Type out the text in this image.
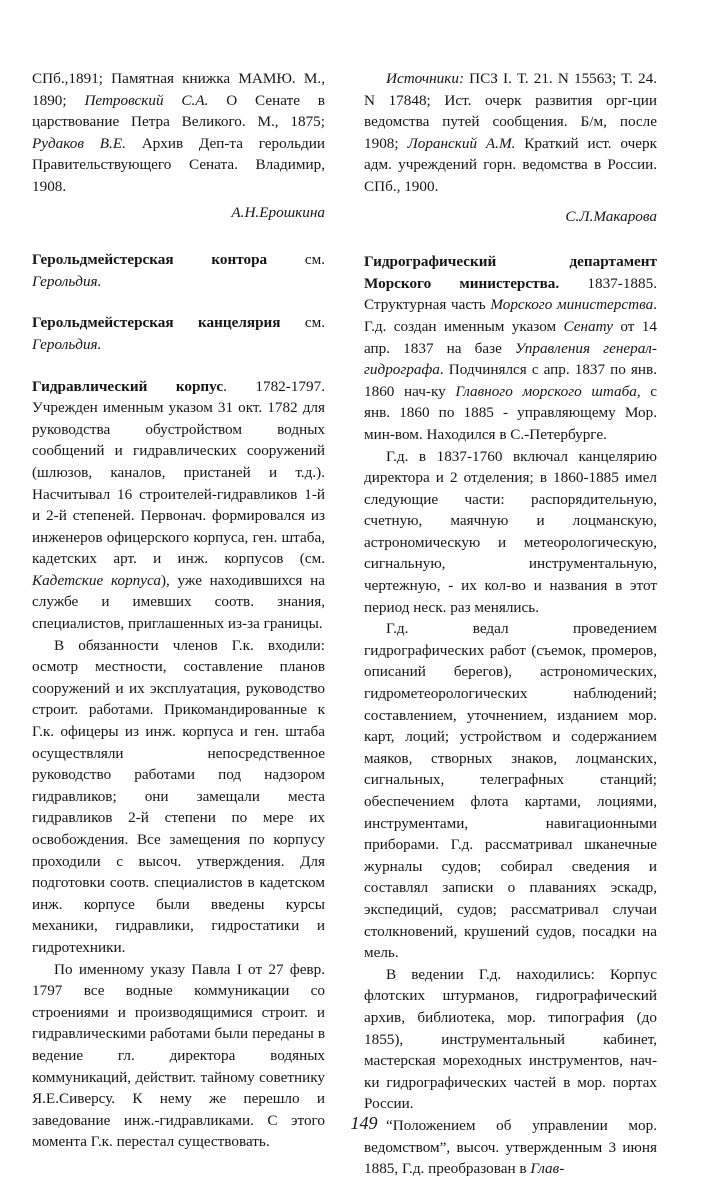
СПб.,1891; Памятная книжка МАМЮ. М., 1890; Петровский С.А. О Сенате в царствование Петра Великого. М., 1875; Рудаков В.Е. Архив Деп-та герольдии Правительствующего Сената. Владимир, 1908.

А.Н.Ерошкина

Герольдмейстерская контора см. Герольдия.

Герольдмейстерская канцелярия см. Герольдия.

Гидравлический корпус. 1782-1797. Учрежден именным указом 31 окт. 1782 для руководства обустройством водных сообщений и гидравлических сооружений (шлюзов, каналов, пристаней и т.д.). Насчитывал 16 строителей-гидравликов 1-й и 2-й степеней. Первонач. формировался из инженеров офицерского корпуса, ген. штаба, кадетских арт. и инж. корпусов (см. Кадетские корпуса), уже находившихся на службе и имевших соотв. знания, специалистов, приглашенных из-за границы.

В обязанности членов Г.к. входили: осмотр местности, составление планов сооружений и их эксплуатация, руководство строит. работами. Прикомандированные к Г.к. офицеры из инж. корпуса и ген. штаба осуществляли непосредственное руководство работами под надзором гидравликов; они замещали места гидравликов 2-й степени по мере их освобождения. Все замещения по корпусу проходили с высоч. утверждения. Для подготовки соотв. специалистов в кадетском инж. корпусе были введены курсы механики, гидравлики, гидростатики и гидротехники.

По именному указу Павла I от 27 февр. 1797 все водные коммуникации со строениями и производящимися строит. и гидравлическими работами были переданы в ведение гл. директора водяных коммуникаций, действит. тайному советнику Я.Е.Сиверсу. К нему же перешло и заведование инж.-гидравликами. С этого момента Г.к. перестал существовать.

Источники: ПСЗ I. Т. 21. N 15563; Т. 24. N 17848; Ист. очерк развития орг-ции ведомства путей сообщения. Б/м, после 1908; Лоранский А.М. Краткий ист. очерк адм. учреждений горн. ведомства в России. СПб., 1900.

С.Л.Макарова

Гидрографический департамент Морского министерства. 1837-1885. Структурная часть Морского министерства. Г.д. создан именным указом Сенату от 14 апр. 1837 на базе Управления генерал-гидрографа. Подчинялся с апр. 1837 по янв. 1860 нач-ку Главного морского штаба, с янв. 1860 по 1885 - управляющему Мор. мин-вом. Находился в С.-Петербурге.

Г.д. в 1837-1760 включал канцелярию директора и 2 отделения; в 1860-1885 имел следующие части: распорядительную, счетную, маячную и лоцманскую, астрономическую и метеорологическую, сигнальную, инструментальную, чертежную, - их кол-во и названия в этот период неск. раз менялись.

Г.д. ведал проведением гидрографических работ (съемок, промеров, описаний берегов), астрономических, гидрометеорологических наблюдений; составлением, уточнением, изданием мор. карт, лоций; устройством и содержанием маяков, створных знаков, лоцманских, сигнальных, телеграфных станций; обеспечением флота картами, лоциями, инструментами, навигационными приборами. Г.д. рассматривал шканечные журналы судов; собирал сведения и составлял записки о плаваниях эскадр, экспедиций, судов; рассматривал случаи столкновений, крушений судов, посадки на мель.

В ведении Г.д. находились: Корпус флотских штурманов, гидрографический архив, библиотека, мор. типография (до 1855), инструментальный кабинет, мастерская мореходных инструментов, нач-ки гидрографических частей в мор. портах России.

“Положением об управлении мор. ведомством”, высоч. утвержденным 3 июня 1885, Г.д. преобразован в Глав-

149
